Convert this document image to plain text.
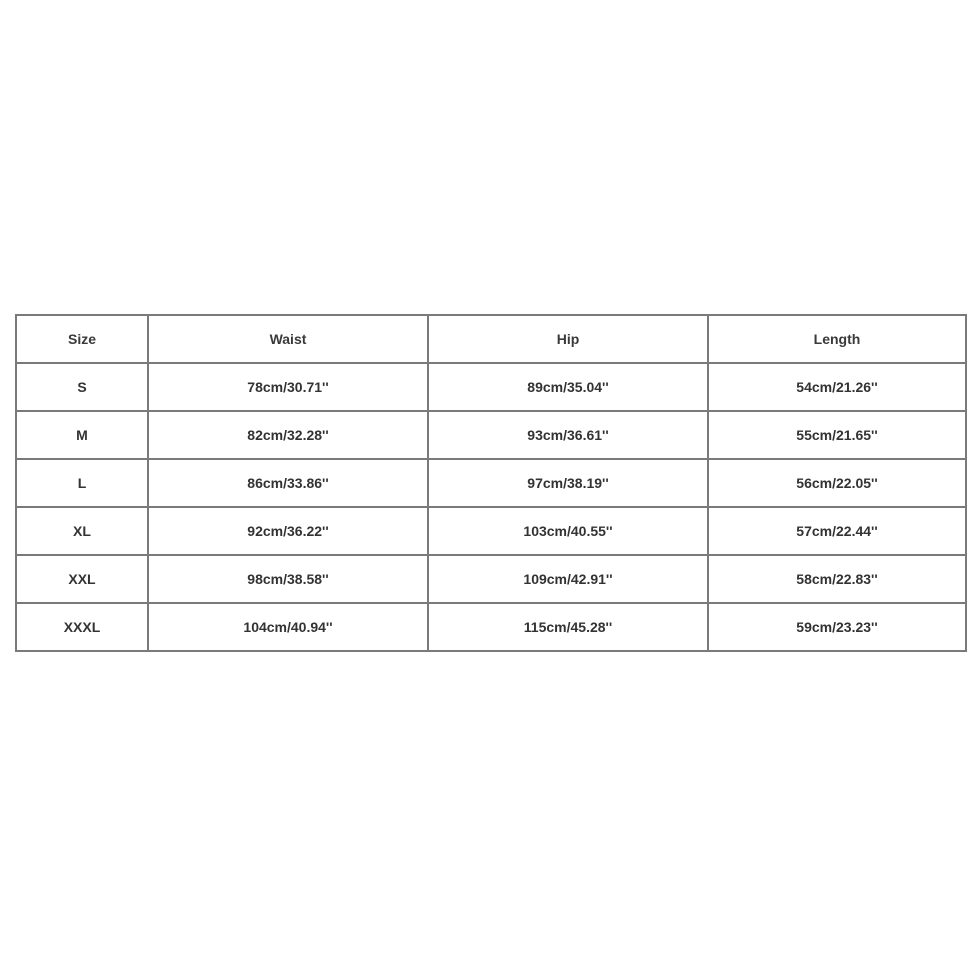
Size	Waist	Hip	Length
S	78cm/30.71''	89cm/35.04''	54cm/21.26''
M	82cm/32.28''	93cm/36.61''	55cm/21.65''
L	86cm/33.86''	97cm/38.19''	56cm/22.05''
XL	92cm/36.22''	103cm/40.55''	57cm/22.44''
XXL	98cm/38.58''	109cm/42.91''	58cm/22.83''
XXXL	104cm/40.94''	115cm/45.28''	59cm/23.23''
